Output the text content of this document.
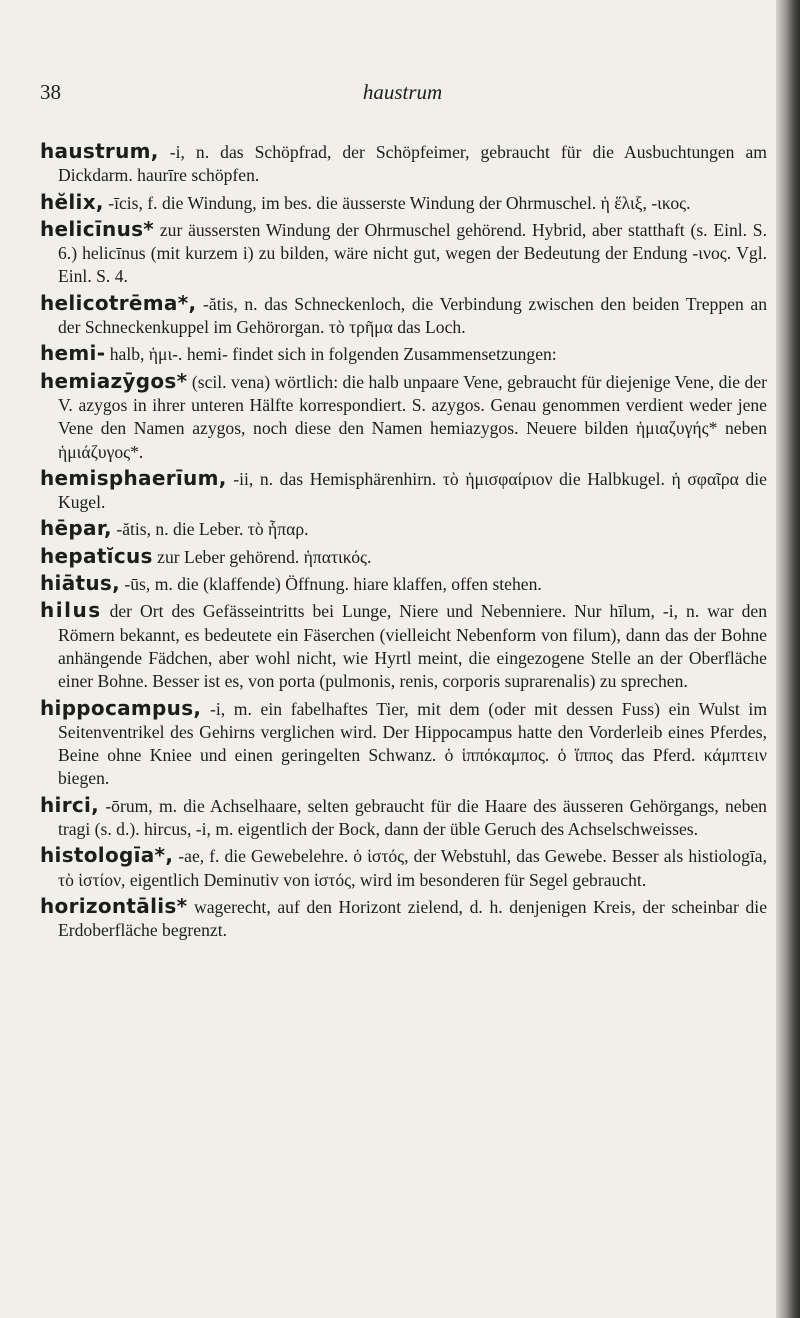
38	haustrum

haustrum, -i, n. das Schöpfrad, der Schöpfeimer, gebraucht für die Ausbuchtungen am Dickdarm. haurīre schöpfen.

hĕlix, -īcis, f. die Windung, im bes. die äusserste Windung der Ohrmuschel. ἡ ἕλιξ, -ικος.

helicīnus* zur äussersten Windung der Ohrmuschel gehörend. Hybrid, aber statthaft (s. Einl. S. 6.) helicīnus (mit kurzem i) zu bilden, wäre nicht gut, wegen der Bedeutung der Endung -ινος. Vgl. Einl. S. 4.

helicotrēma*, -ătis, n. das Schneckenloch, die Verbindung zwischen den beiden Treppen an der Schneckenkuppel im Gehörorgan. τὸ τρῆμα das Loch.

hemi- halb, ἡμι-. hemi- findet sich in folgenden Zusammensetzungen:

hemiazȳgos* (scil. vena) wörtlich: die halb unpaare Vene, gebraucht für diejenige Vene, die der V. azygos in ihrer unteren Hälfte korrespondiert. S. azygos. Genau genommen verdient weder jene Vene den Namen azygos, noch diese den Namen hemiazygos. Neuere bilden ἡμιαζυγής* neben ἡμιάζυγος*.

hemisphaerīum, -ii, n. das Hemisphärenhirn. τὸ ἡμισφαίριον die Halbkugel. ἡ σφαῖρα die Kugel.

hēpar, -ătis, n. die Leber. τὸ ἧπαρ.

hepatĭcus zur Leber gehörend. ἡπατικός.

hiātus, -ūs, m. die (klaffende) Öffnung. hiare klaffen, offen stehen.

hilus der Ort des Gefässeintritts bei Lunge, Niere und Nebenniere. Nur hīlum, -i, n. war den Römern bekannt, es bedeutete ein Fäserchen (vielleicht Nebenform von filum), dann das der Bohne anhängende Fädchen, aber wohl nicht, wie Hyrtl meint, die eingezogene Stelle an der Oberfläche einer Bohne. Besser ist es, von porta (pulmonis, renis, corporis suprarenalis) zu sprechen.

hippocampus, -i, m. ein fabelhaftes Tier, mit dem (oder mit dessen Fuss) ein Wulst im Seitenventrikel des Gehirns verglichen wird. Der Hippocampus hatte den Vorderleib eines Pferdes, Beine ohne Kniee und einen geringelten Schwanz. ὁ ἱππόκαμπος. ὁ ἵππος das Pferd. κάμπτειν biegen.

hirci, -ōrum, m. die Achselhaare, selten gebraucht für die Haare des äusseren Gehörgangs, neben tragi (s. d.). hircus, -i, m. eigentlich der Bock, dann der üble Geruch des Achselschweisses.

histologīa*, -ae, f. die Gewebelehre. ὁ ἱστός, der Webstuhl, das Gewebe. Besser als histiologīa, τὸ ἱστίον, eigentlich Deminutiv von ἱστός, wird im besonderen für Segel gebraucht.

horizontālis* wagerecht, auf den Horizont zielend, d. h. denjenigen Kreis, der scheinbar die Erdoberfläche begrenzt.
